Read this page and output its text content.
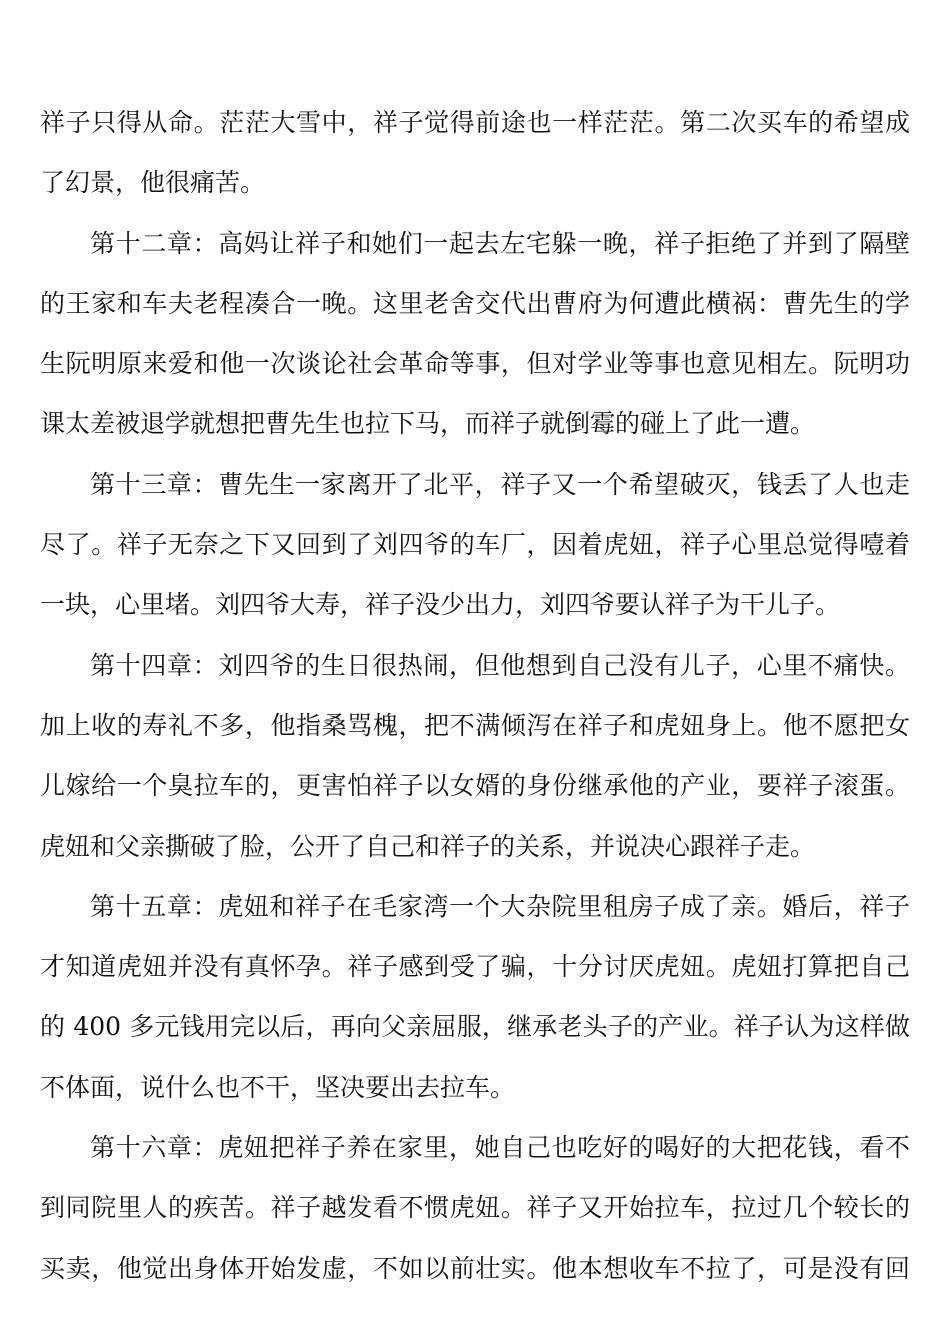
祥子只得从命。茫茫大雪中，祥子觉得前途也一样茫茫。第二次买车的希望成
了幻景，他很痛苦。
第十二章：高妈让祥子和她们一起去左宅躲一晚，祥子拒绝了并到了隔壁
的王家和车夫老程凑合一晚。这里老舍交代出曹府为何遭此横祸：曹先生的学
生阮明原来爱和他一次谈论社会革命等事，但对学业等事也意见相左。阮明功
课太差被退学就想把曹先生也拉下马，而祥子就倒霉的碰上了此一遭。
第十三章：曹先生一家离开了北平，祥子又一个希望破灭，钱丢了人也走
尽了。祥子无奈之下又回到了刘四爷的车厂，因着虎妞，祥子心里总觉得噎着
一块，心里堵。刘四爷大寿，祥子没少出力，刘四爷要认祥子为干儿子。
第十四章：刘四爷的生日很热闹，但他想到自己没有儿子，心里不痛快。
加上收的寿礼不多，他指桑骂槐，把不满倾泻在祥子和虎妞身上。他不愿把女
儿嫁给一个臭拉车的，更害怕祥子以女婿的身份继承他的产业，要祥子滚蛋。
虎妞和父亲撕破了脸，公开了自己和祥子的关系，并说决心跟祥子走。
第十五章：虎妞和祥子在毛家湾一个大杂院里租房子成了亲。婚后，祥子
才知道虎妞并没有真怀孕。祥子感到受了骗，十分讨厌虎妞。虎妞打算把自己
的 400 多元钱用完以后，再向父亲屈服，继承老头子的产业。祥子认为这样做
不体面，说什么也不干，坚决要出去拉车。
第十六章：虎妞把祥子养在家里，她自己也吃好的喝好的大把花钱，看不
到同院里人的疾苦。祥子越发看不惯虎妞。祥子又开始拉车，拉过几个较长的
买卖，他觉出身体开始发虚，不如以前壮实。他本想收车不拉了，可是没有回
